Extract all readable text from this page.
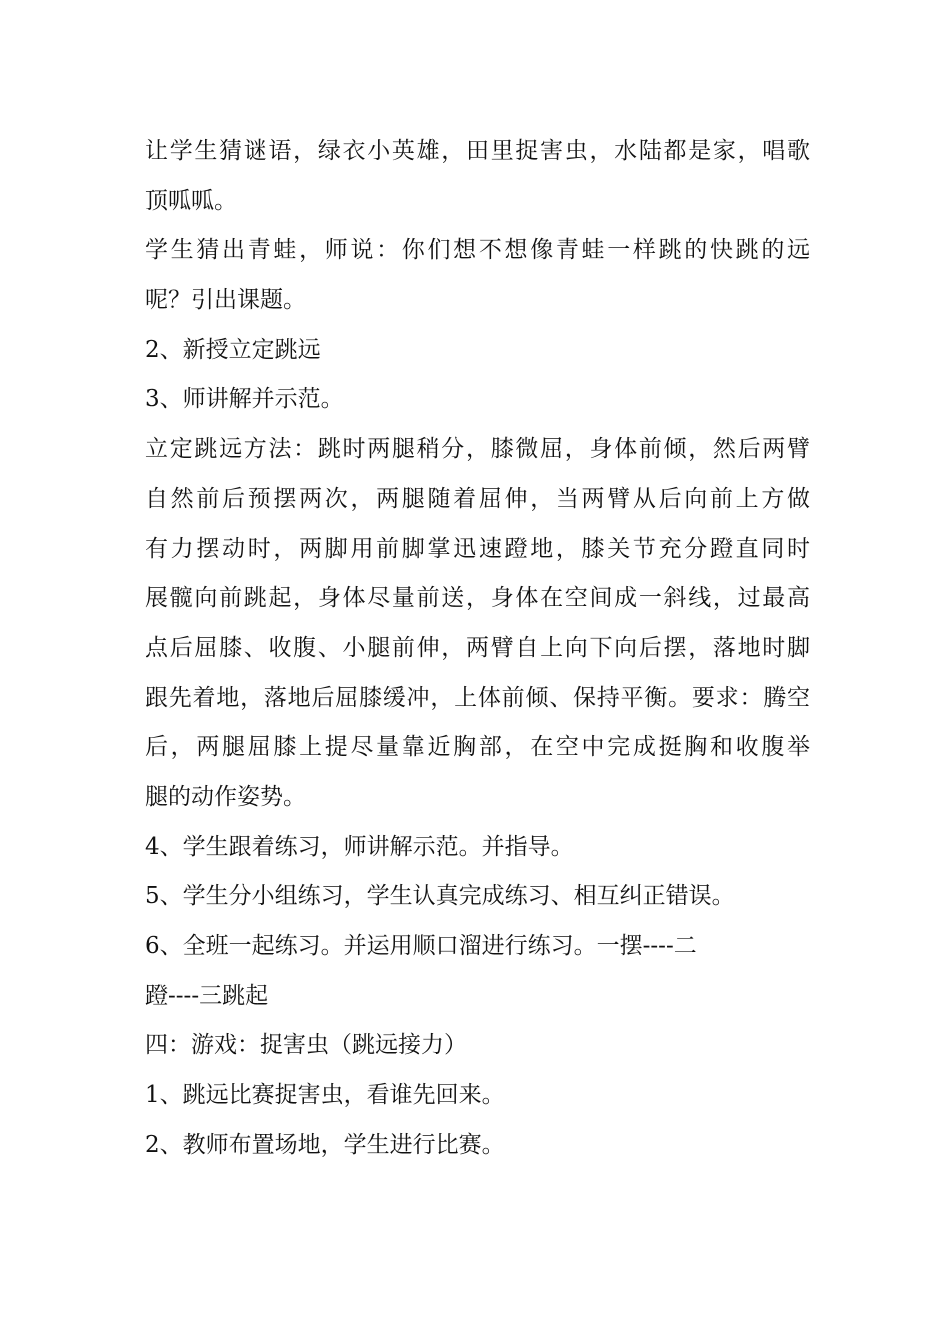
让学生猜谜语，绿衣小英雄，田里捉害虫，水陆都是家，唱歌
顶呱呱。
学生猜出青蛙，师说：你们想不想像青蛙一样跳的快跳的远
呢？引出课题。
2、新授立定跳远
3、师讲解并示范。
立定跳远方法：跳时两腿稍分，膝微屈，身体前倾，然后两臂
自然前后预摆两次，两腿随着屈伸，当两臂从后向前上方做
有力摆动时，两脚用前脚掌迅速蹬地，膝关节充分蹬直同时
展髋向前跳起，身体尽量前送，身体在空间成一斜线，过最高
点后屈膝、收腹、小腿前伸，两臂自上向下向后摆，落地时脚
跟先着地，落地后屈膝缓冲，上体前倾、保持平衡。要求：腾空
后，两腿屈膝上提尽量靠近胸部，在空中完成挺胸和收腹举
腿的动作姿势。
4、学生跟着练习，师讲解示范。并指导。
5、学生分小组练习，学生认真完成练习、相互纠正错误。
6、全班一起练习。并运用顺口溜进行练习。一摆----二
蹬----三跳起
四：游戏：捉害虫（跳远接力）
1、跳远比赛捉害虫，看谁先回来。
2、教师布置场地，学生进行比赛。
